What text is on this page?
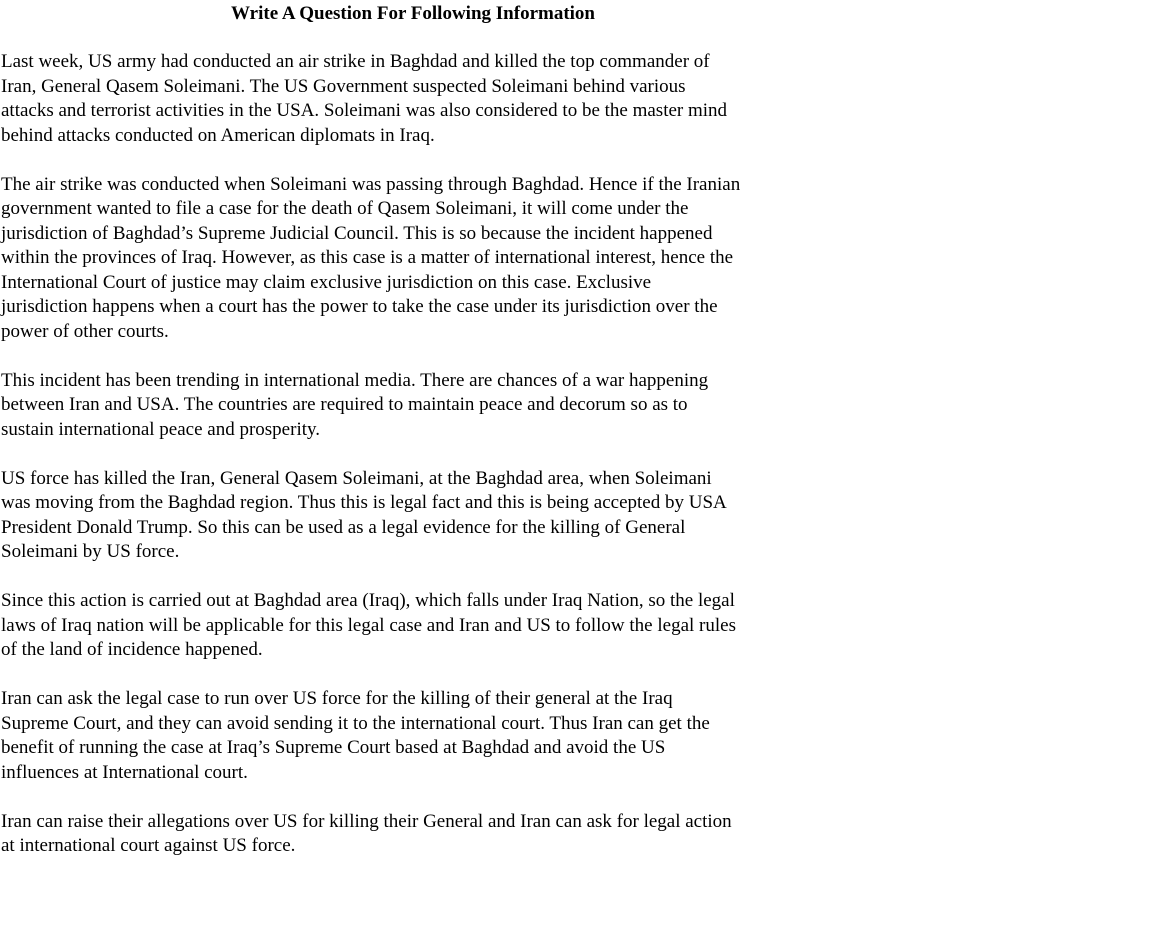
Write A Question For Following Information

Last week, US army had conducted an air strike in Baghdad and killed the top commander of
Iran, General Qasem Soleimani. The US Government suspected Soleimani behind various
attacks and terrorist activities in the USA. Soleimani was also considered to be the master mind
behind attacks conducted on American diplomats in Iraq.

The air strike was conducted when Soleimani was passing through Baghdad. Hence if the Iranian
government wanted to file a case for the death of Qasem Soleimani, it will come under the
jurisdiction of Baghdad’s Supreme Judicial Council. This is so because the incident happened
within the provinces of Iraq. However, as this case is a matter of international interest, hence the
International Court of justice may claim exclusive jurisdiction on this case. Exclusive
jurisdiction happens when a court has the power to take the case under its jurisdiction over the
power of other courts.

This incident has been trending in international media. There are chances of a war happening
between Iran and USA. The countries are required to maintain peace and decorum so as to
sustain international peace and prosperity.

US force has killed the Iran, General Qasem Soleimani, at the Baghdad area, when Soleimani
was moving from the Baghdad region. Thus this is legal fact and this is being accepted by USA
President Donald Trump. So this can be used as a legal evidence for the killing of General
Soleimani by US force.

Since this action is carried out at Baghdad area (Iraq), which falls under Iraq Nation, so the legal
laws of Iraq nation will be applicable for this legal case and Iran and US to follow the legal rules
of the land of incidence happened.

Iran can ask the legal case to run over US force for the killing of their general at the Iraq
Supreme Court, and they can avoid sending it to the international court. Thus Iran can get the
benefit of running the case at Iraq’s Supreme Court based at Baghdad and avoid the US
influences at International court.

Iran can raise their allegations over US for killing their General and Iran can ask for legal action
at international court against US force.
